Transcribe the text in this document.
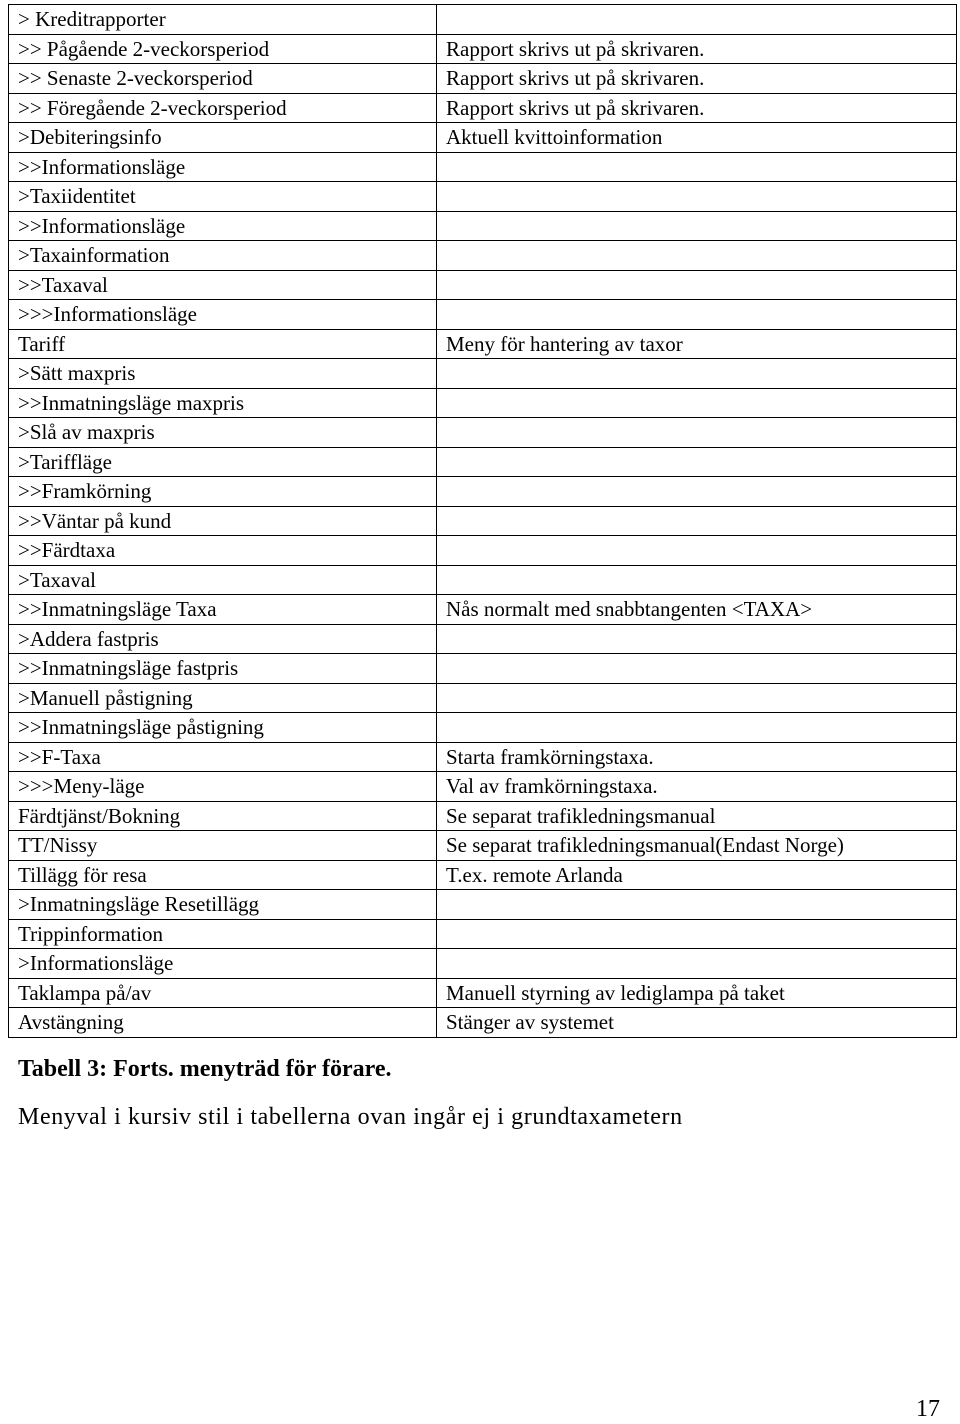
> Kreditrapporter	
>> Pågående 2-veckorsperiod	Rapport skrivs ut på skrivaren.
>> Senaste 2-veckorsperiod	Rapport skrivs ut på skrivaren.
>> Föregående 2-veckorsperiod	Rapport skrivs ut på skrivaren.
>Debiteringsinfo	Aktuell kvittoinformation
>>Informationsläge	
>Taxiidentitet	
>>Informationsläge	
>Taxainformation	
>>Taxaval	
>>>Informationsläge	
Tariff	Meny för hantering av taxor
>Sätt maxpris	
>>Inmatningsläge maxpris	
>Slå av maxpris	
>Tariffläge	
>>Framkörning	
>>Väntar på kund	
>>Färdtaxa	
>Taxaval	
>>Inmatningsläge Taxa	Nås normalt med snabbtangenten <TAXA>
>Addera fastpris	
>>Inmatningsläge fastpris	
>Manuell påstigning	
>>Inmatningsläge påstigning	
>>F-Taxa	Starta framkörningstaxa.
>>>Meny-läge	Val av framkörningstaxa.
Färdtjänst/Bokning	Se separat trafikledningsmanual
TT/Nissy	Se separat trafikledningsmanual(Endast Norge)
Tillägg för resa	T.ex. remote Arlanda
>Inmatningsläge Resetillägg	
Trippinformation	
>Informationsläge	
Taklampa på/av	Manuell styrning av lediglampa på taket
Avstängning	Stänger av systemet
Tabell 3: Forts. menyträd för förare.
Menyval i kursiv stil i tabellerna ovan ingår ej i grundtaxametern
17
